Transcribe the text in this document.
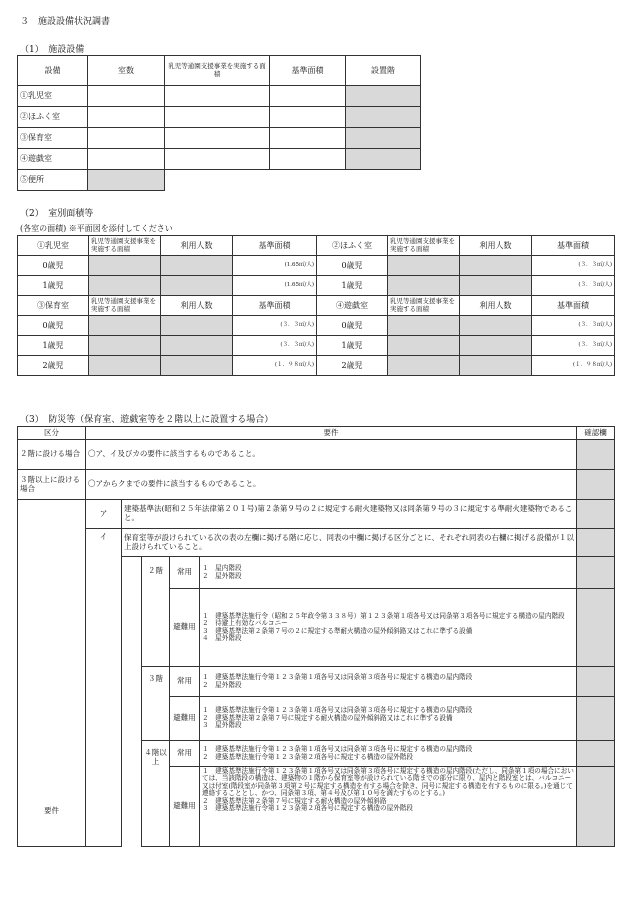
３　施設設備状況調書
（1）　施設設備
設備	室数	乳児等通園支援事業を実施する面積	基準面積	設置階
①乳児室				
②ほふく室				
③保育室				
④遊戯室				
⑤便所				
（2）　室別面積等
(各室の面積) ※平面図を添付してください
①乳児室	乳児等通園支援事業を実施する面積	利用人数	基準面積	②ほふく室	乳児等通園支援事業を実施する面積	利用人数	基準面積
0歳児			(1.65㎡/人)	0歳児			(３．３㎡/人)
1歳児			(1.65㎡/人)	1歳児			(３．３㎡/人)
③保育室	乳児等通園支援事業を実施する面積	利用人数	基準面積	④遊戯室	乳児等通園支援事業を実施する面積	利用人数	基準面積
0歳児			(３．３㎡/人)	0歳児			(３．３㎡/人)
1歳児			(３．３㎡/人)	1歳児			(３．３㎡/人)
2歳児			(１．９８㎡/人)	2歳児			(１．９８㎡/人)
（3）　防災等（保育室、遊戯室等を２階以上に設置する場合）
区分	要件					確認欄
２階に設ける場合	〇ア、イ及びカの要件に該当するものであること。					
３階以上に設ける場合	〇アからクまでの要件に該当するものであること。					
要件	ア	建築基準法(昭和２５年法律第２０１号)第２条第９号の２に規定する耐火建築物又は同条第９号の３に規定する準耐火建築物であること。				
	イ	保育室等が設けられている次の表の左欄に掲げる階に応じ、同表の中欄に掲げる区分ごとに、それぞれ同表の右欄に掲げる設備が１以上設けられていること。				
			２階	常用	１　屋内階段
２　屋外階段	

				避難用	１　建築基準法施行令（昭和２５年政令第３３８号）第１２３条第１項各号又は同条第３項各号に規定する構造の屋内階段
２　待避上有効なバルコニー
３　建築基準法第２条第７号の２に規定する準耐火構造の屋外傾斜路又はこれに準ずる設備
４　屋外階段	

			３階	常用	１　建築基準法施行令第１２３条第１項各号又は同条第３項各号に規定する構造の屋内階段
２　屋外階段	

				避難用	１　建築基準法施行令第１２３条第１項各号又は同条第３項各号に規定する構造の屋内階段
２　建築基準法第２条第７号に規定する耐火構造の屋外傾斜路又はこれに準ずる設備
３　屋外階段	

			４階以上	常用	１　建築基準法施行令第１２３条第１項各号又は同条第３項各号に規定する構造の屋内階段
２　建築基準法施行令第１２３条第２項各号に規定する構造の屋外階段	

				避難用	１　建築基準法施行令第１２３条第１項各号又は同条第３項各号に規定する構造の屋内階段(ただし、同条第１項の場合においては、当該階段の構造は、建築物の１階から保育室等が設けられている階までの部分に限り、屋内と階段室とは、バルコニー又は付室(階段室が同条第３項第２号に規定する構造を有する場合を除き、同号に規定する構造を有するものに限る。)を通じて連絡することとし、かつ、同条第３項、第４号及び第１０号を満たすものとする。)
２　建築基準法第２条第７号に規定する耐火構造の屋外傾斜路
３　建築基準法施行令第１２３条第２項各号に規定する構造の屋外階段	
